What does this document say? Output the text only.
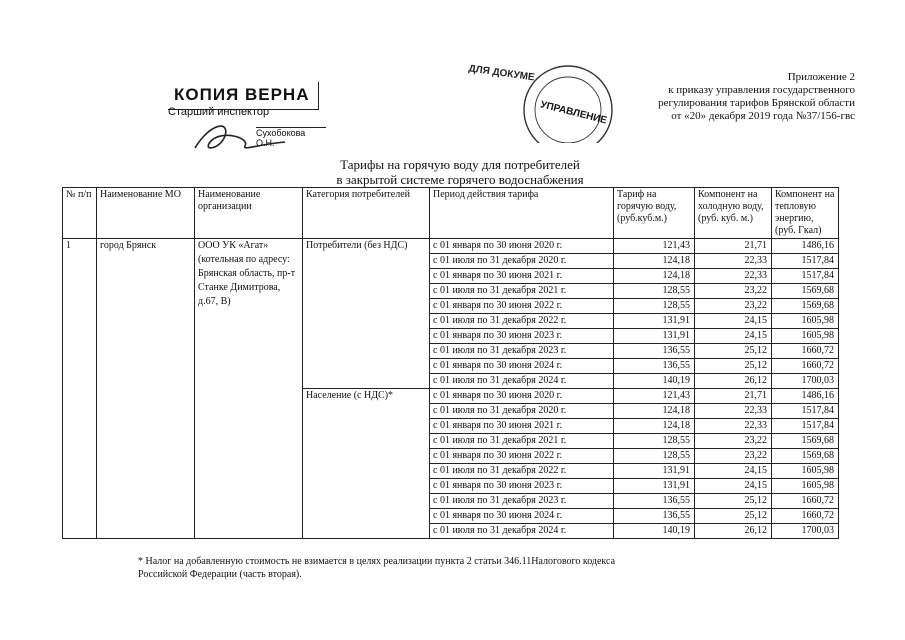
Приложение 2
к приказу управления государственного
регулирования тарифов Брянской области
от «20» декабря 2019 года №37/156-гвс
КОПИЯ ВЕРНА
Старший инспектор
Сухобокова О.Н.
ДЛЯ ДОКУМЕ
УПРАВЛЕНИЕ
Тарифы на горячую воду для потребителей
в закрытой системе горячего водоснабжения
№ п/п	Наименование МО	Наименование организации	Категория потребителей	Период действия тарифа	Тариф на горячую воду, (руб.куб.м.)	Компонент на холодную воду, (руб. куб. м.)	Компонент на тепловую энергию, (руб. Гкал)
1	город Брянск	ООО УК «Агат» (котельная по адресу: Брянская область, пр-т Станке Димитрова, д.67, В)	Потребители (без НДС)	с 01 января по 30 июня 2020 г.	121,43	21,71	1486,16
				с 01 июля по 31 декабря 2020 г.	124,18	22,33	1517,84
				с 01 января по 30 июня 2021 г.	124,18	22,33	1517,84
				с 01 июля по 31 декабря 2021 г.	128,55	23,22	1569,68
				с 01 января по 30 июня 2022 г.	128,55	23,22	1569,68
				с 01 июля по 31 декабря 2022 г.	131,91	24,15	1605,98
				с 01 января по 30 июня 2023 г.	131,91	24,15	1605,98
				с 01 июля по 31 декабря 2023 г.	136,55	25,12	1660,72
				с 01 января по 30 июня 2024 г.	136,55	25,12	1660,72
				с 01 июля по 31 декабря 2024 г.	140,19	26,12	1700,03
			Население (с НДС)*	с 01 января по 30 июня 2020 г.	121,43	21,71	1486,16
				с 01 июля по 31 декабря 2020 г.	124,18	22,33	1517,84
				с 01 января по 30 июня 2021 г.	124,18	22,33	1517,84
				с 01 июля по 31 декабря 2021 г.	128,55	23,22	1569,68
				с 01 января по 30 июня 2022 г.	128,55	23,22	1569,68
				с 01 июля по 31 декабря 2022 г.	131,91	24,15	1605,98
				с 01 января по 30 июня 2023 г.	131,91	24,15	1605,98
				с 01 июля по 31 декабря 2023 г.	136,55	25,12	1660,72
				с 01 января по 30 июня 2024 г.	136,55	25,12	1660,72
				с 01 июля по 31 декабря 2024 г.	140,19	26,12	1700,03
* Налог на добавленную стоимость не взимается в целях реализации пункта 2 статьи 346.11Налогового кодекса
Российской Федерации (часть вторая).
